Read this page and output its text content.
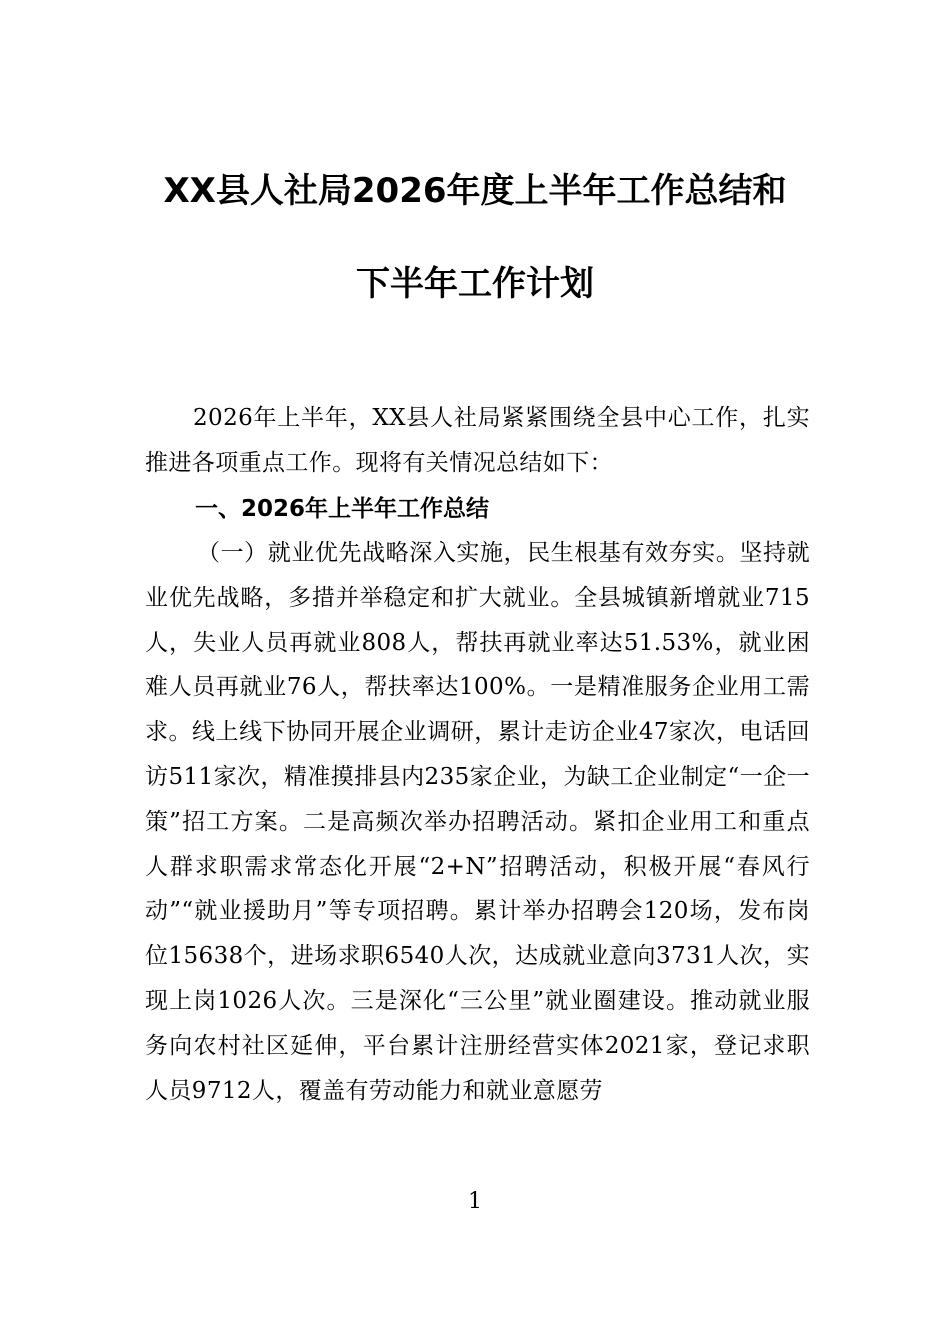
XX县人社局2026年度上半年工作总结和
下半年工作计划

2026年上半年，XX县人社局紧紧围绕全县中心工作，扎实推进各项重点工作。现将有关情况总结如下：

一、2026年上半年工作总结

（一）就业优先战略深入实施，民生根基有效夯实。坚持就业优先战略，多措并举稳定和扩大就业。全县城镇新增就业715人，失业人员再就业808人，帮扶再就业率达51.53%，就业困难人员再就业76人，帮扶率达100%。一是精准服务企业用工需求。线上线下协同开展企业调研，累计走访企业47家次，电话回访511家次，精准摸排县内235家企业，为缺工企业制定“一企一策”招工方案。二是高频次举办招聘活动。紧扣企业用工和重点人群求职需求常态化开展“2+N”招聘活动，积极开展“春风行动”“就业援助月”等专项招聘。累计举办招聘会120场，发布岗位15638个，进场求职6540人次，达成就业意向3731人次，实现上岗1026人次。三是深化“三公里”就业圈建设。推动就业服务向农村社区延伸，平台累计注册经营实体2021家，登记求职人员9712人，覆盖有劳动能力和就业意愿劳

1
